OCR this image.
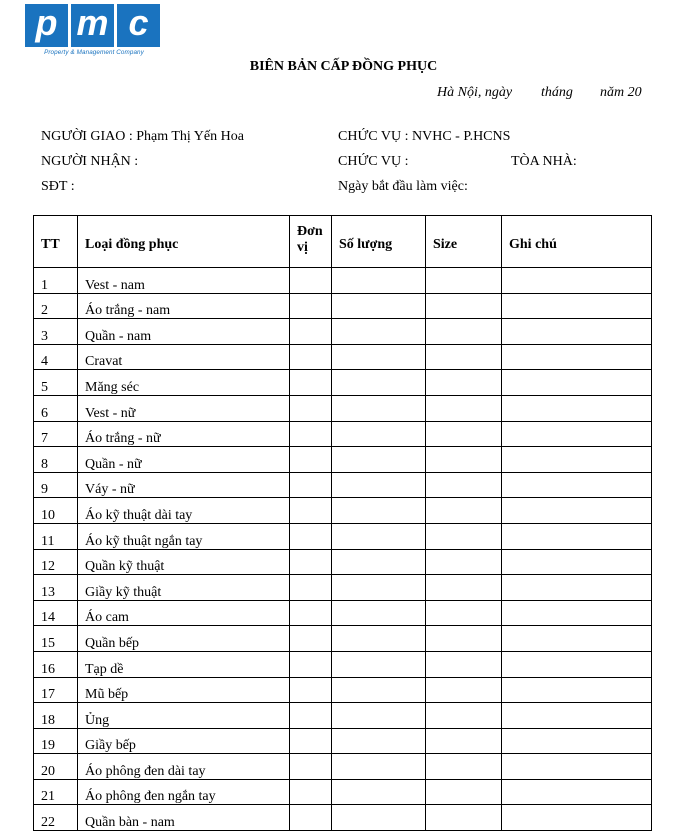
p m c
Property & Management Company
BIÊN BẢN CẤP ĐỒNG PHỤC
Hà Nội, ngày tháng năm 20
NGƯỜI GIAO : Phạm Thị Yến Hoa	CHỨC VỤ : NVHC - P.HCNS
NGƯỜI NHẬN :	CHỨC VỤ :	TÒA NHÀ:
SĐT :	Ngày bắt đầu làm việc:
TT	Loại đồng phục	Đơn vị	Số lượng	Size	Ghi chú
1	Vest - nam				
2	Áo trắng - nam				
3	Quần - nam				
4	Cravat				
5	Măng séc				
6	Vest - nữ				
7	Áo trắng - nữ				
8	Quần - nữ				
9	Váy - nữ				
10	Áo kỹ thuật dài tay				
11	Áo kỹ thuật ngắn tay				
12	Quần kỹ thuật				
13	Giầy kỹ thuật				
14	Áo cam				
15	Quần bếp				
16	Tạp dề				
17	Mũ bếp				
18	Ủng				
19	Giầy bếp				
20	Áo phông đen dài tay				
21	Áo phông đen ngắn tay				
22	Quần bàn - nam				
